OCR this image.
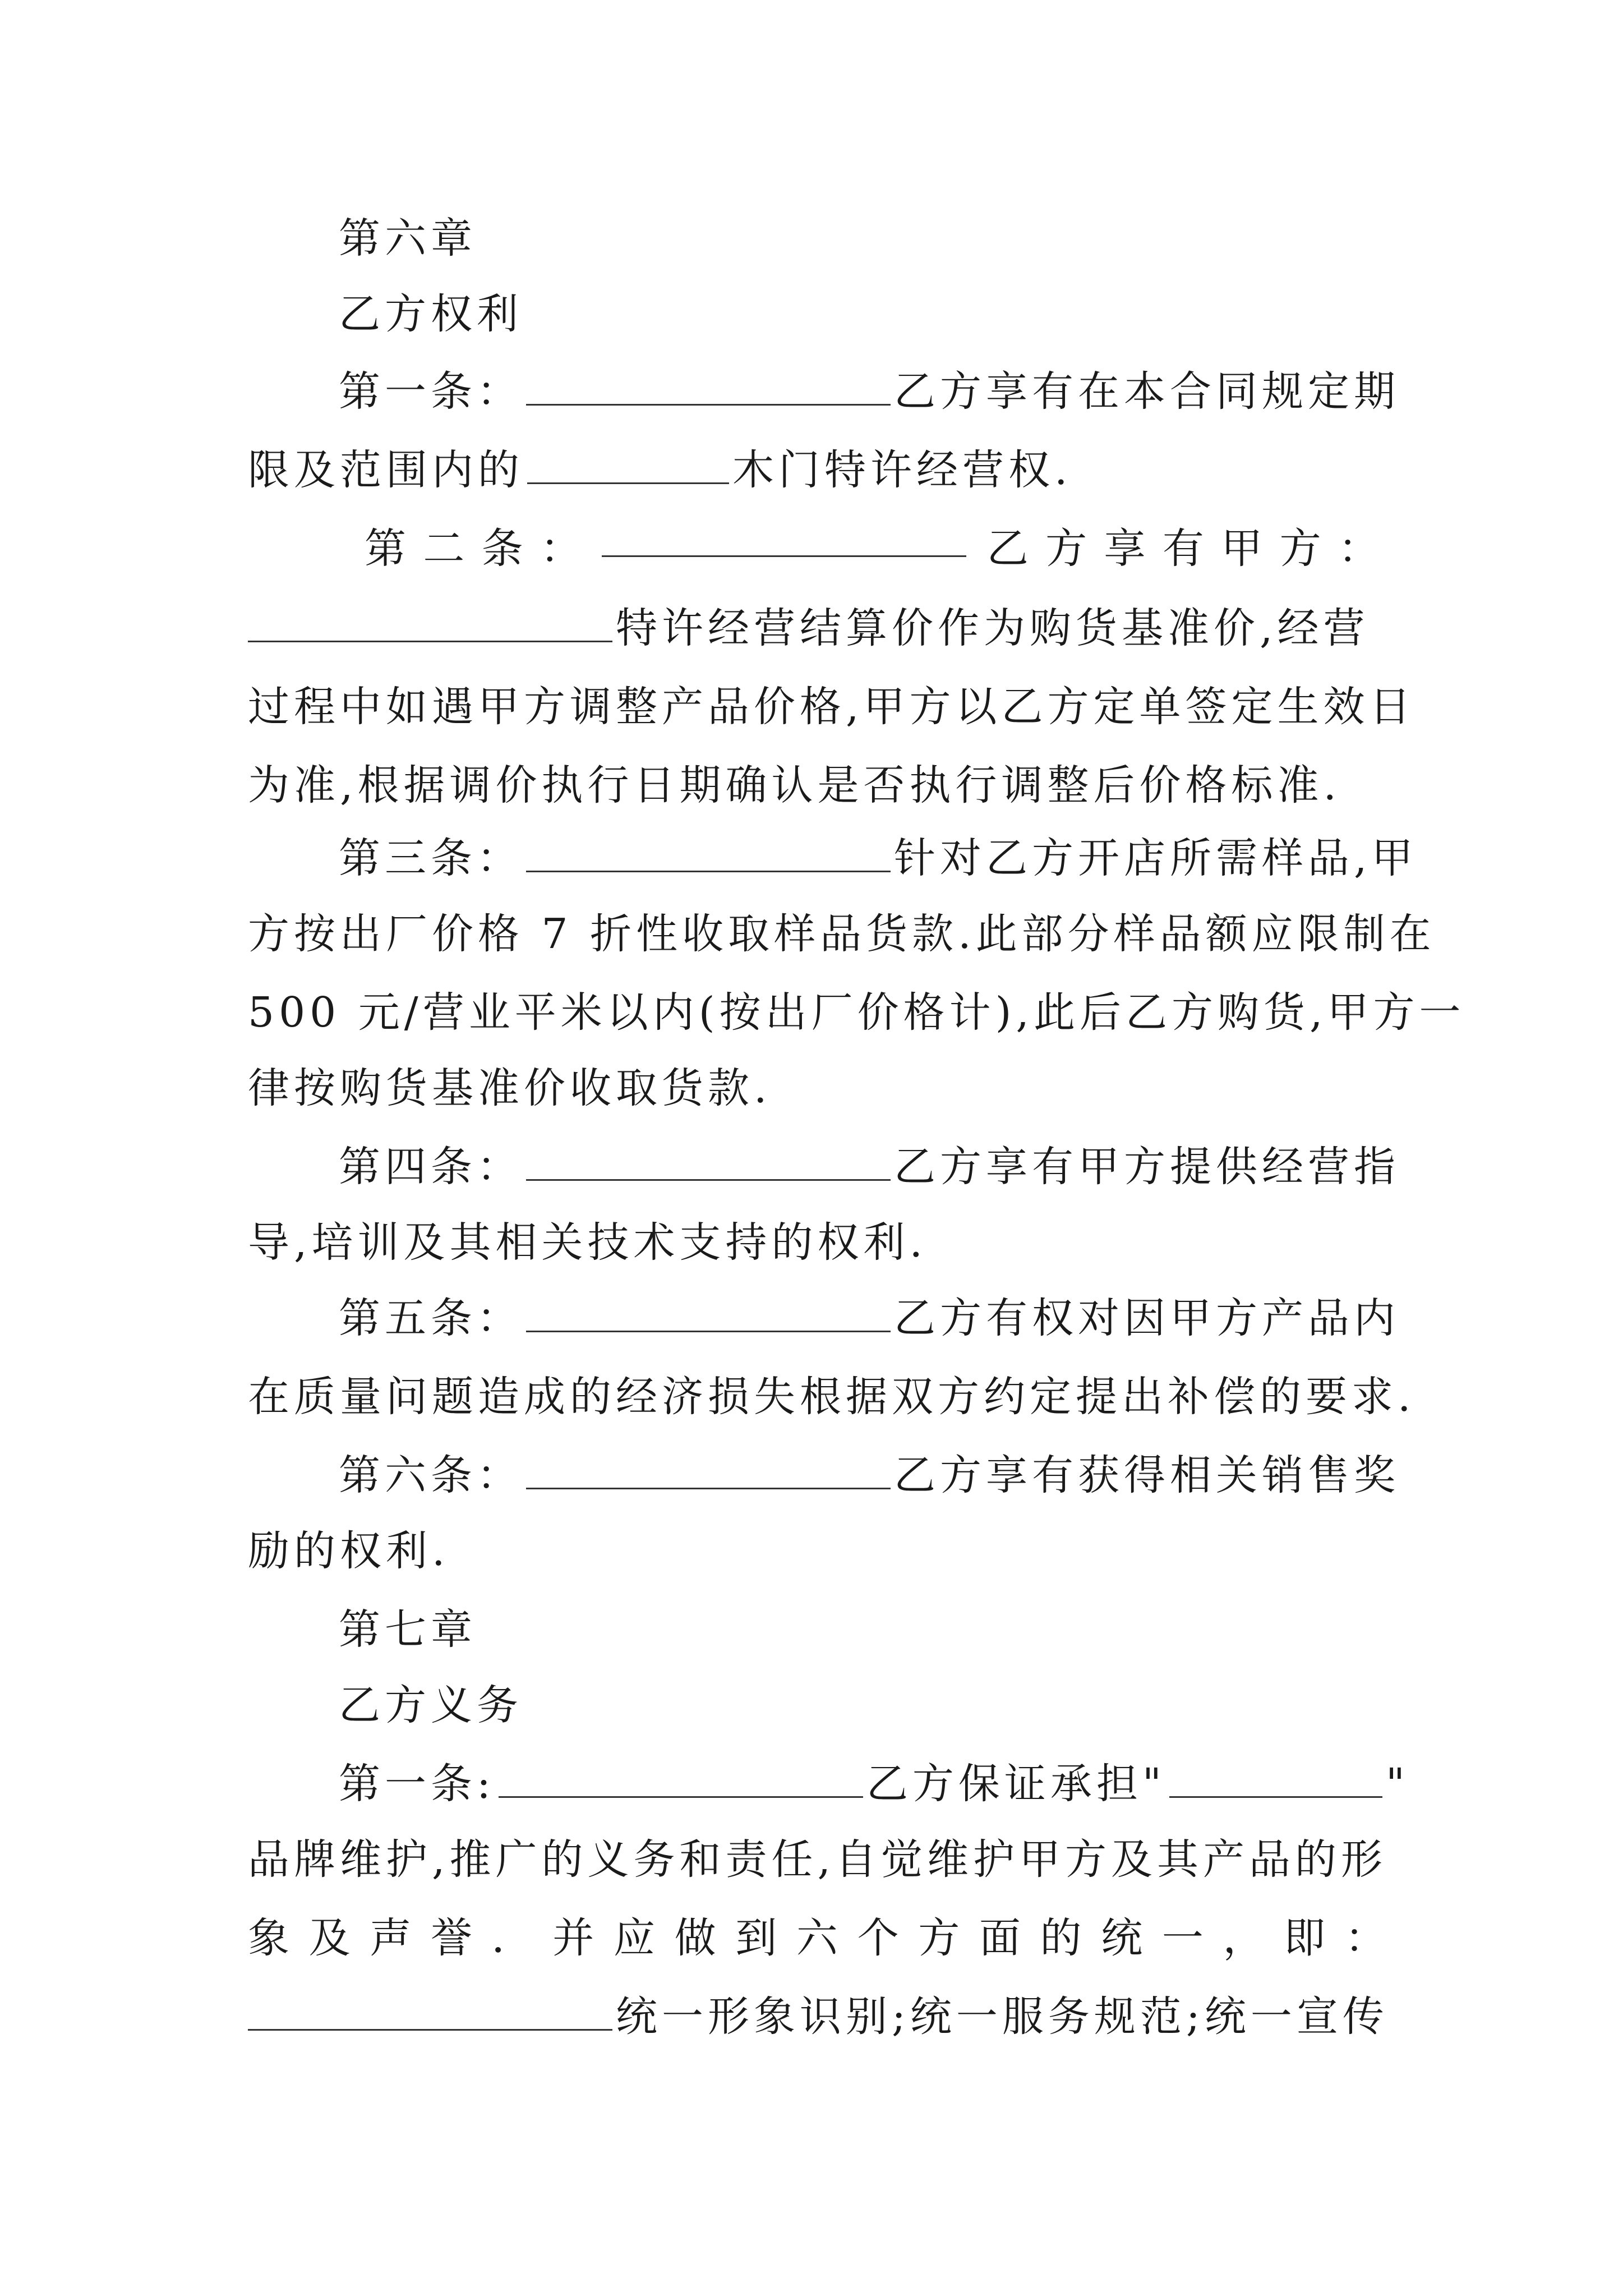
第六章
乙方权利
第一条：	乙方享有在本合同规定期
限及范围内的	木门特许经营权.
第 二 条 ：	乙 方 享 有 甲 方 ：
特许经营结算价作为购货基准价,经营
过程中如遇甲方调整产品价格,甲方以乙方定单签定生效日
为准,根据调价执行日期确认是否执行调整后价格标准.
第三条：	针对乙方开店所需样品,甲
方按出厂价格 7 折性收取样品货款.此部分样品额应限制在
500 元/营业平米以内(按出厂价格计),此后乙方购货,甲方一
律按购货基准价收取货款.
第四条：	乙方享有甲方提供经营指
导,培训及其相关技术支持的权利.
第五条：	乙方有权对因甲方产品内
在质量问题造成的经济损失根据双方约定提出补偿的要求.
第六条：	乙方享有获得相关销售奖
励的权利.
第七章
乙方义务
第一条:	乙方保证承担"	"
品牌维护,推广的义务和责任,自觉维护甲方及其产品的形
象 及 声 誉 ． 并 应 做 到 六 个 方 面 的 统 一 ， 即 ：
统一形象识别;统一服务规范;统一宣传
